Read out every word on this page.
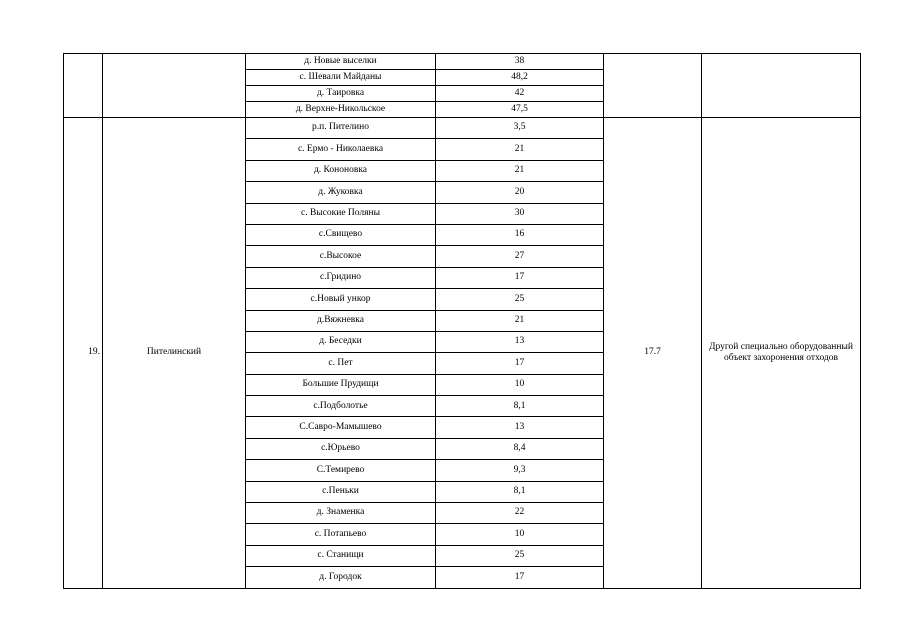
		д. Новые выселки	38		
		с. Шевали Майданы	48,2		
		д. Таировка	42		
		д. Верхне-Никольское	47,5		
19.	Пителинский	р.п. Пителино	3,5	17.7	Другой специально оборудованный объект захоронения отходов
		с. Ермо - Николаевка	21		
		д. Кононовка	21		
		д. Жуковка	20		
		с. Высокие Поляны	30		
		с.Свищево	16		
		с.Высокое	27		
		с.Гридино	17		
		с.Новый ункор	25		
		д.Вяжневка	21		
		д. Беседки	13		
		с. Пет	17		
		Большие Прудищи	10		
		с.Подболотье	8,1		
		С.Савро-Мамышево	13		
		с.Юрьево	8,4		
		С.Темирево	9,3		
		с.Пеньки	8,1		
		д. Знаменка	22		
		с. Потапьево	10		
		с. Станищи	25		
		д. Городок	17		
